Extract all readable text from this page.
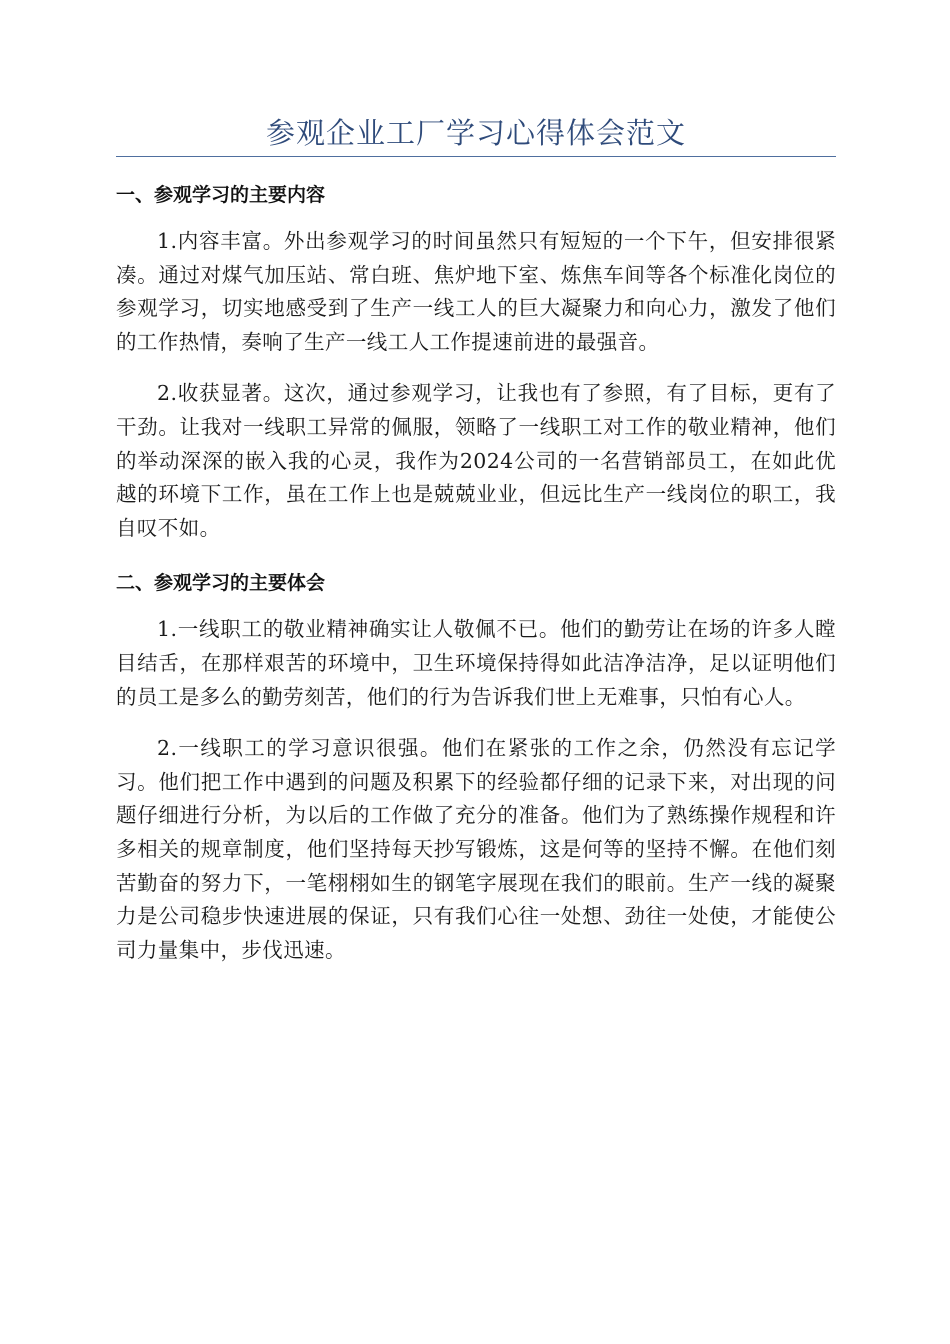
参观企业工厂学习心得体会范文
一、参观学习的主要内容

1.内容丰富。外出参观学习的时间虽然只有短短的一个下午，但安排很紧凑。通过对煤气加压站、常白班、焦炉地下室、炼焦车间等各个标准化岗位的参观学习，切实地感受到了生产一线工人的巨大凝聚力和向心力，激发了他们的工作热情，奏响了生产一线工人工作提速前进的最强音。

2.收获显著。这次，通过参观学习，让我也有了参照，有了目标，更有了干劲。让我对一线职工异常的佩服，领略了一线职工对工作的敬业精神，他们的举动深深的嵌入我的心灵，我作为2024公司的一名营销部员工，在如此优越的环境下工作，虽在工作上也是兢兢业业，但远比生产一线岗位的职工，我自叹不如。

二、参观学习的主要体会

1.一线职工的敬业精神确实让人敬佩不已。他们的勤劳让在场的许多人瞠目结舌，在那样艰苦的环境中，卫生环境保持得如此洁净洁净，足以证明他们的员工是多么的勤劳刻苦，他们的行为告诉我们世上无难事，只怕有心人。

2.一线职工的学习意识很强。他们在紧张的工作之余，仍然没有忘记学习。他们把工作中遇到的问题及积累下的经验都仔细的记录下来，对出现的问题仔细进行分析，为以后的工作做了充分的准备。他们为了熟练操作规程和许多相关的规章制度，他们坚持每天抄写锻炼，这是何等的坚持不懈。在他们刻苦勤奋的努力下，一笔栩栩如生的钢笔字展现在我们的眼前。生产一线的凝聚力是公司稳步快速进展的保证，只有我们心往一处想、劲往一处使，才能使公司力量集中，步伐迅速。
